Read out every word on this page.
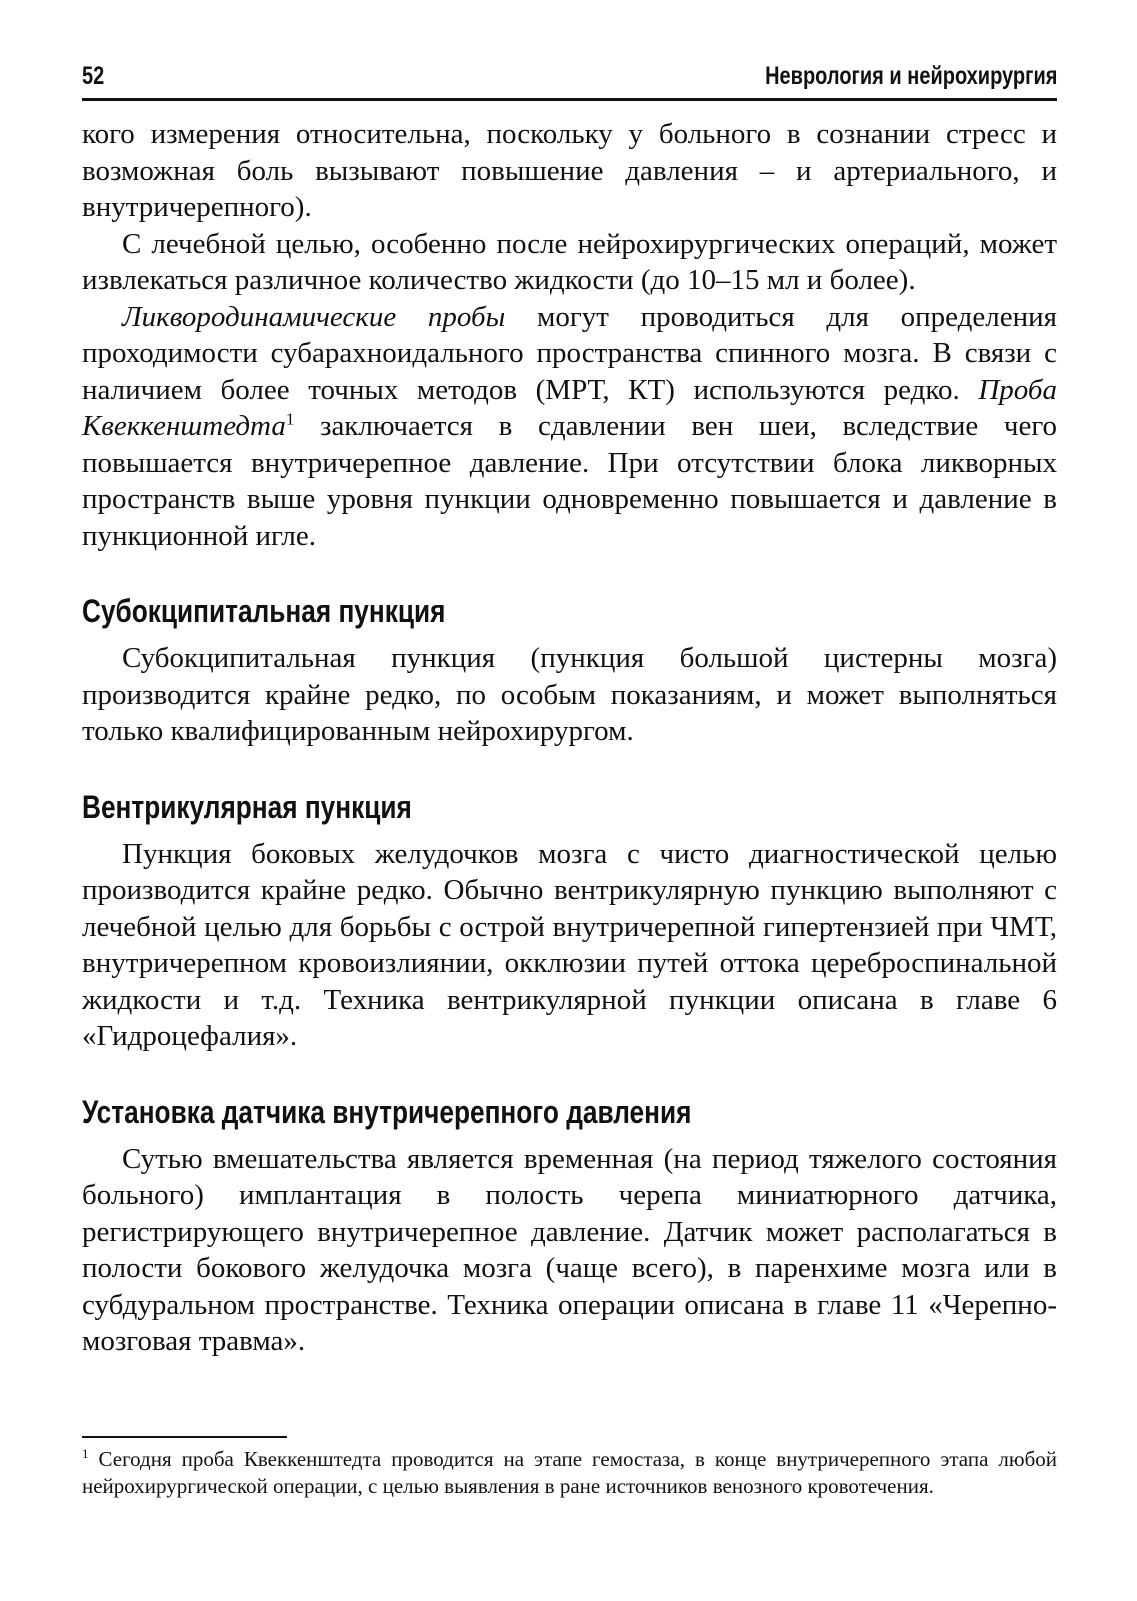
52	Неврология и нейрохирургия

кого измерения относительна, поскольку у больного в сознании стресс и возможная боль вызывают повышение давления – и артериального, и внутричерепного).

С лечебной целью, особенно после нейрохирургических операций, может извлекаться различное количество жидкости (до 10–15 мл и более).

Ликвородинамические пробы могут проводиться для определения проходимости субарахноидального пространства спинного мозга. В связи с наличием более точных методов (МРТ, КТ) используются редко. Проба Квеккенштедта$^1$ заключается в сдавлении вен шеи, вследствие чего повышается внутричерепное давление. При отсутствии блока ликворных пространств выше уровня пункции одновременно повышается и давление в пункционной игле.

Субокципитальная пункция

Субокципитальная пункция (пункция большой цистерны мозга) производится крайне редко, по особым показаниям, и может выполняться только квалифицированным нейрохирургом.

Вентрикулярная пункция

Пункция боковых желудочков мозга с чисто диагностической целью производится крайне редко. Обычно вентрикулярную пункцию выполняют с лечебной целью для борьбы с острой внутричерепной гипертензией при ЧМТ, внутричерепном кровоизлиянии, окклюзии путей оттока цереброспинальной жидкости и т.д. Техника вентрикулярной пункции описана в главе 6 «Гидроцефалия».

Установка датчика внутричерепного давления

Сутью вмешательства является временная (на период тяжелого состояния больного) имплантация в полость черепа миниатюрного датчика, регистрирующего внутричерепное давление. Датчик может располагаться в полости бокового желудочка мозга (чаще всего), в паренхиме мозга или в субдуральном пространстве. Техника операции описана в главе 11 «Черепно-мозговая травма».

$^1$ Сегодня проба Квеккенштедта проводится на этапе гемостаза, в конце внутричерепного этапа любой нейрохирургической операции, с целью выявления в ране источников венозного кровотечения.
